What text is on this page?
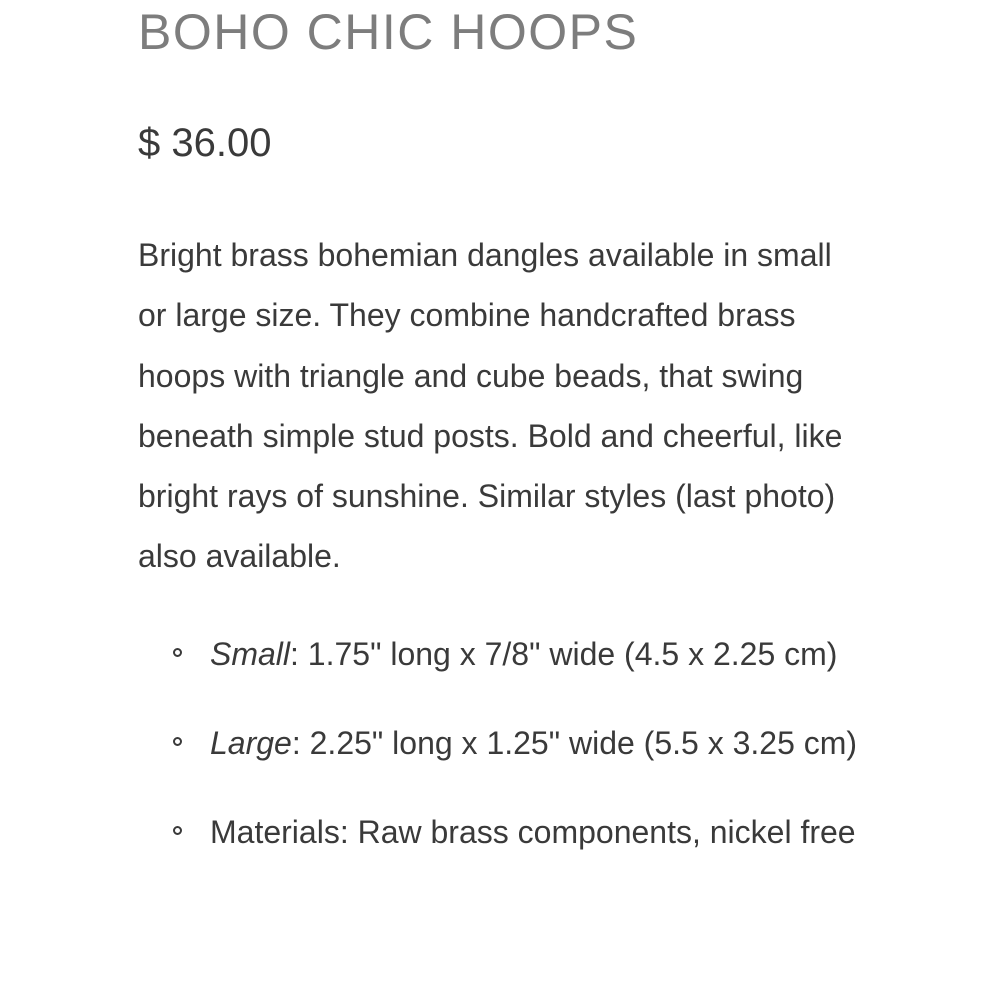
BOHO CHIC HOOPS
$ 36.00

Bright brass bohemian dangles available in small or large size. They combine handcrafted brass hoops with triangle and cube beads, that swing beneath simple stud posts. Bold and cheerful, like bright rays of sunshine. Similar styles (last photo) also available.

Small: 1.75" long x 7/8" wide (4.5 x 2.25 cm)
Large: 2.25" long x 1.25" wide (5.5 x 3.25 cm)
Materials: Raw brass components, nickel free
